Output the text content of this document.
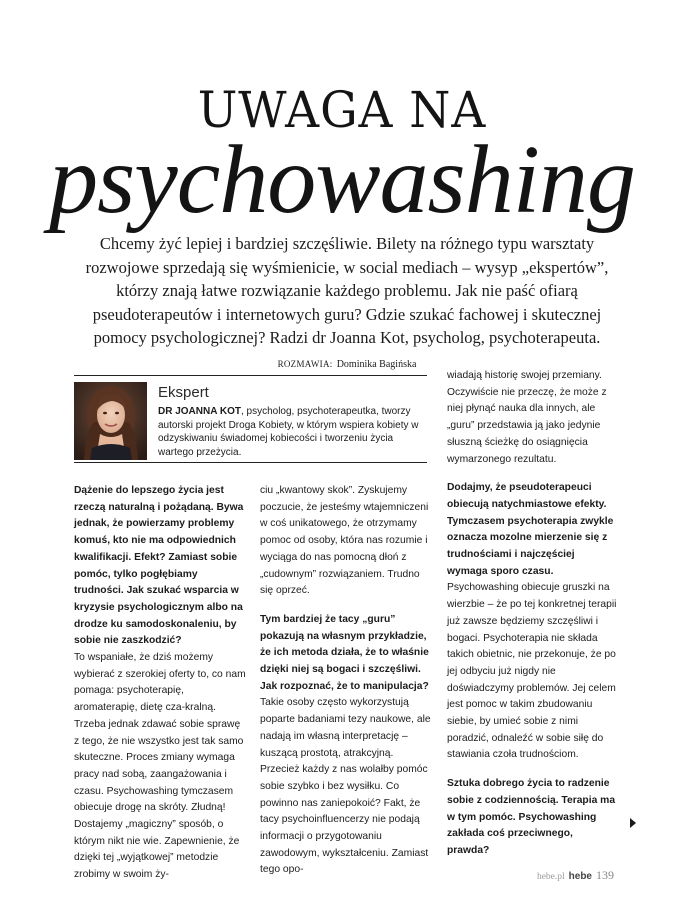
UWAGA NA
psychowashing
Chcemy żyć lepiej i bardziej szczęśliwie. Bilety na różnego typu warsztaty rozwojowe sprzedają się wyśmienicie, w social mediach – wysyp „ekspertów”, którzy znają łatwe rozwiązanie każdego problemu. Jak nie paść ofiarą pseudoterapeutów i internetowych guru? Gdzie szukać fachowej i skutecznej pomocy psychologicznej? Radzi dr Joanna Kot, psycholog, psychoterapeuta. ROZMAWIA: Dominika Bagińska
Ekspert
DR JOANNA KOT, psycholog, psychoterapeutka, tworzy autorski projekt Droga Kobiety, w którym wspiera kobiety w odzyskiwaniu świadomej kobiecości i tworzeniu życia wartego przeżycia.

Dążenie do lepszego życia jest rzeczą naturalną i pożądaną. Bywa jednak, że powierzamy problemy komuś, kto nie ma odpowiednich kwalifikacji. Efekt? Zamiast sobie pomóc, tylko pogłębiamy trudności. Jak szukać wsparcia w kryzysie psychologicznym albo na drodze ku samodoskonaleniu, by sobie nie zaszkodzić?

To wspaniałe, że dziś możemy wybierać z szerokiej oferty to, co nam pomaga: psychoterapię, aromaterapię, dietę cza-kralną. Trzeba jednak zdawać sobie sprawę z tego, że nie wszystko jest tak samo skuteczne. Proces zmiany wymaga pracy nad sobą, zaangażowania i czasu. Psychowashing tymczasem obiecuje drogę na skróty. Złudną! Dostajemy „magiczny” sposób, o którym nikt nie wie. Zapewnienie, że dzięki tej „wyjątkowej” metodzie zrobimy w swoim ży-

ciu „kwantowy skok”. Zyskujemy poczucie, że jesteśmy wtajemniczeni w coś unikatowego, że otrzymamy pomoc od osoby, która nas rozumie i wyciąga do nas pomocną dłoń z „cudownym” rozwiązaniem. Trudno się oprzeć.

Tym bardziej że tacy „guru” pokazują na własnym przykładzie, że ich metoda działa, że to właśnie dzięki niej są bogaci i szczęśliwi. Jak rozpoznać, że to manipulacja?

Takie osoby często wykorzystują poparte badaniami tezy naukowe, ale nadają im własną interpretację – kuszącą prostotą, atrakcyjną. Przecież każdy z nas wolałby pomóc sobie szybko i bez wysiłku. Co powinno nas zaniepokoić? Fakt, że tacy psychoinfluencerzy nie podają informacji o przygotowaniu zawodowym, wykształceniu. Zamiast tego opo-

wiadają historię swojej przemiany. Oczywiście nie przeczę, że może z niej płynąć nauka dla innych, ale „guru” przedstawia ją jako jedynie słuszną ścieżkę do osiągnięcia wymarzonego rezultatu.

Dodajmy, że pseudoterapeuci obiecują natychmiastowe efekty. Tymczasem psychoterapia zwykle oznacza mozolne mierzenie się z trudnościami i najczęściej wymaga sporo czasu.

Psychowashing obiecuje gruszki na wierzbie – że po tej konkretnej terapii już zawsze będziemy szczęśliwi i bogaci. Psychoterapia nie składa takich obietnic, nie przekonuje, że po jej odbyciu już nigdy nie doświadczymy problemów. Jej celem jest pomoc w takim zbudowaniu siebie, by umieć sobie z nimi poradzić, odnaleźć w sobie siłę do stawiania czoła trudnościom.

Sztuka dobrego życia to radzenie sobie z codziennością. Terapia ma w tym pomóc. Psychowashing zakłada coś przeciwnego, prawda?

hebe.pl hebe 139
